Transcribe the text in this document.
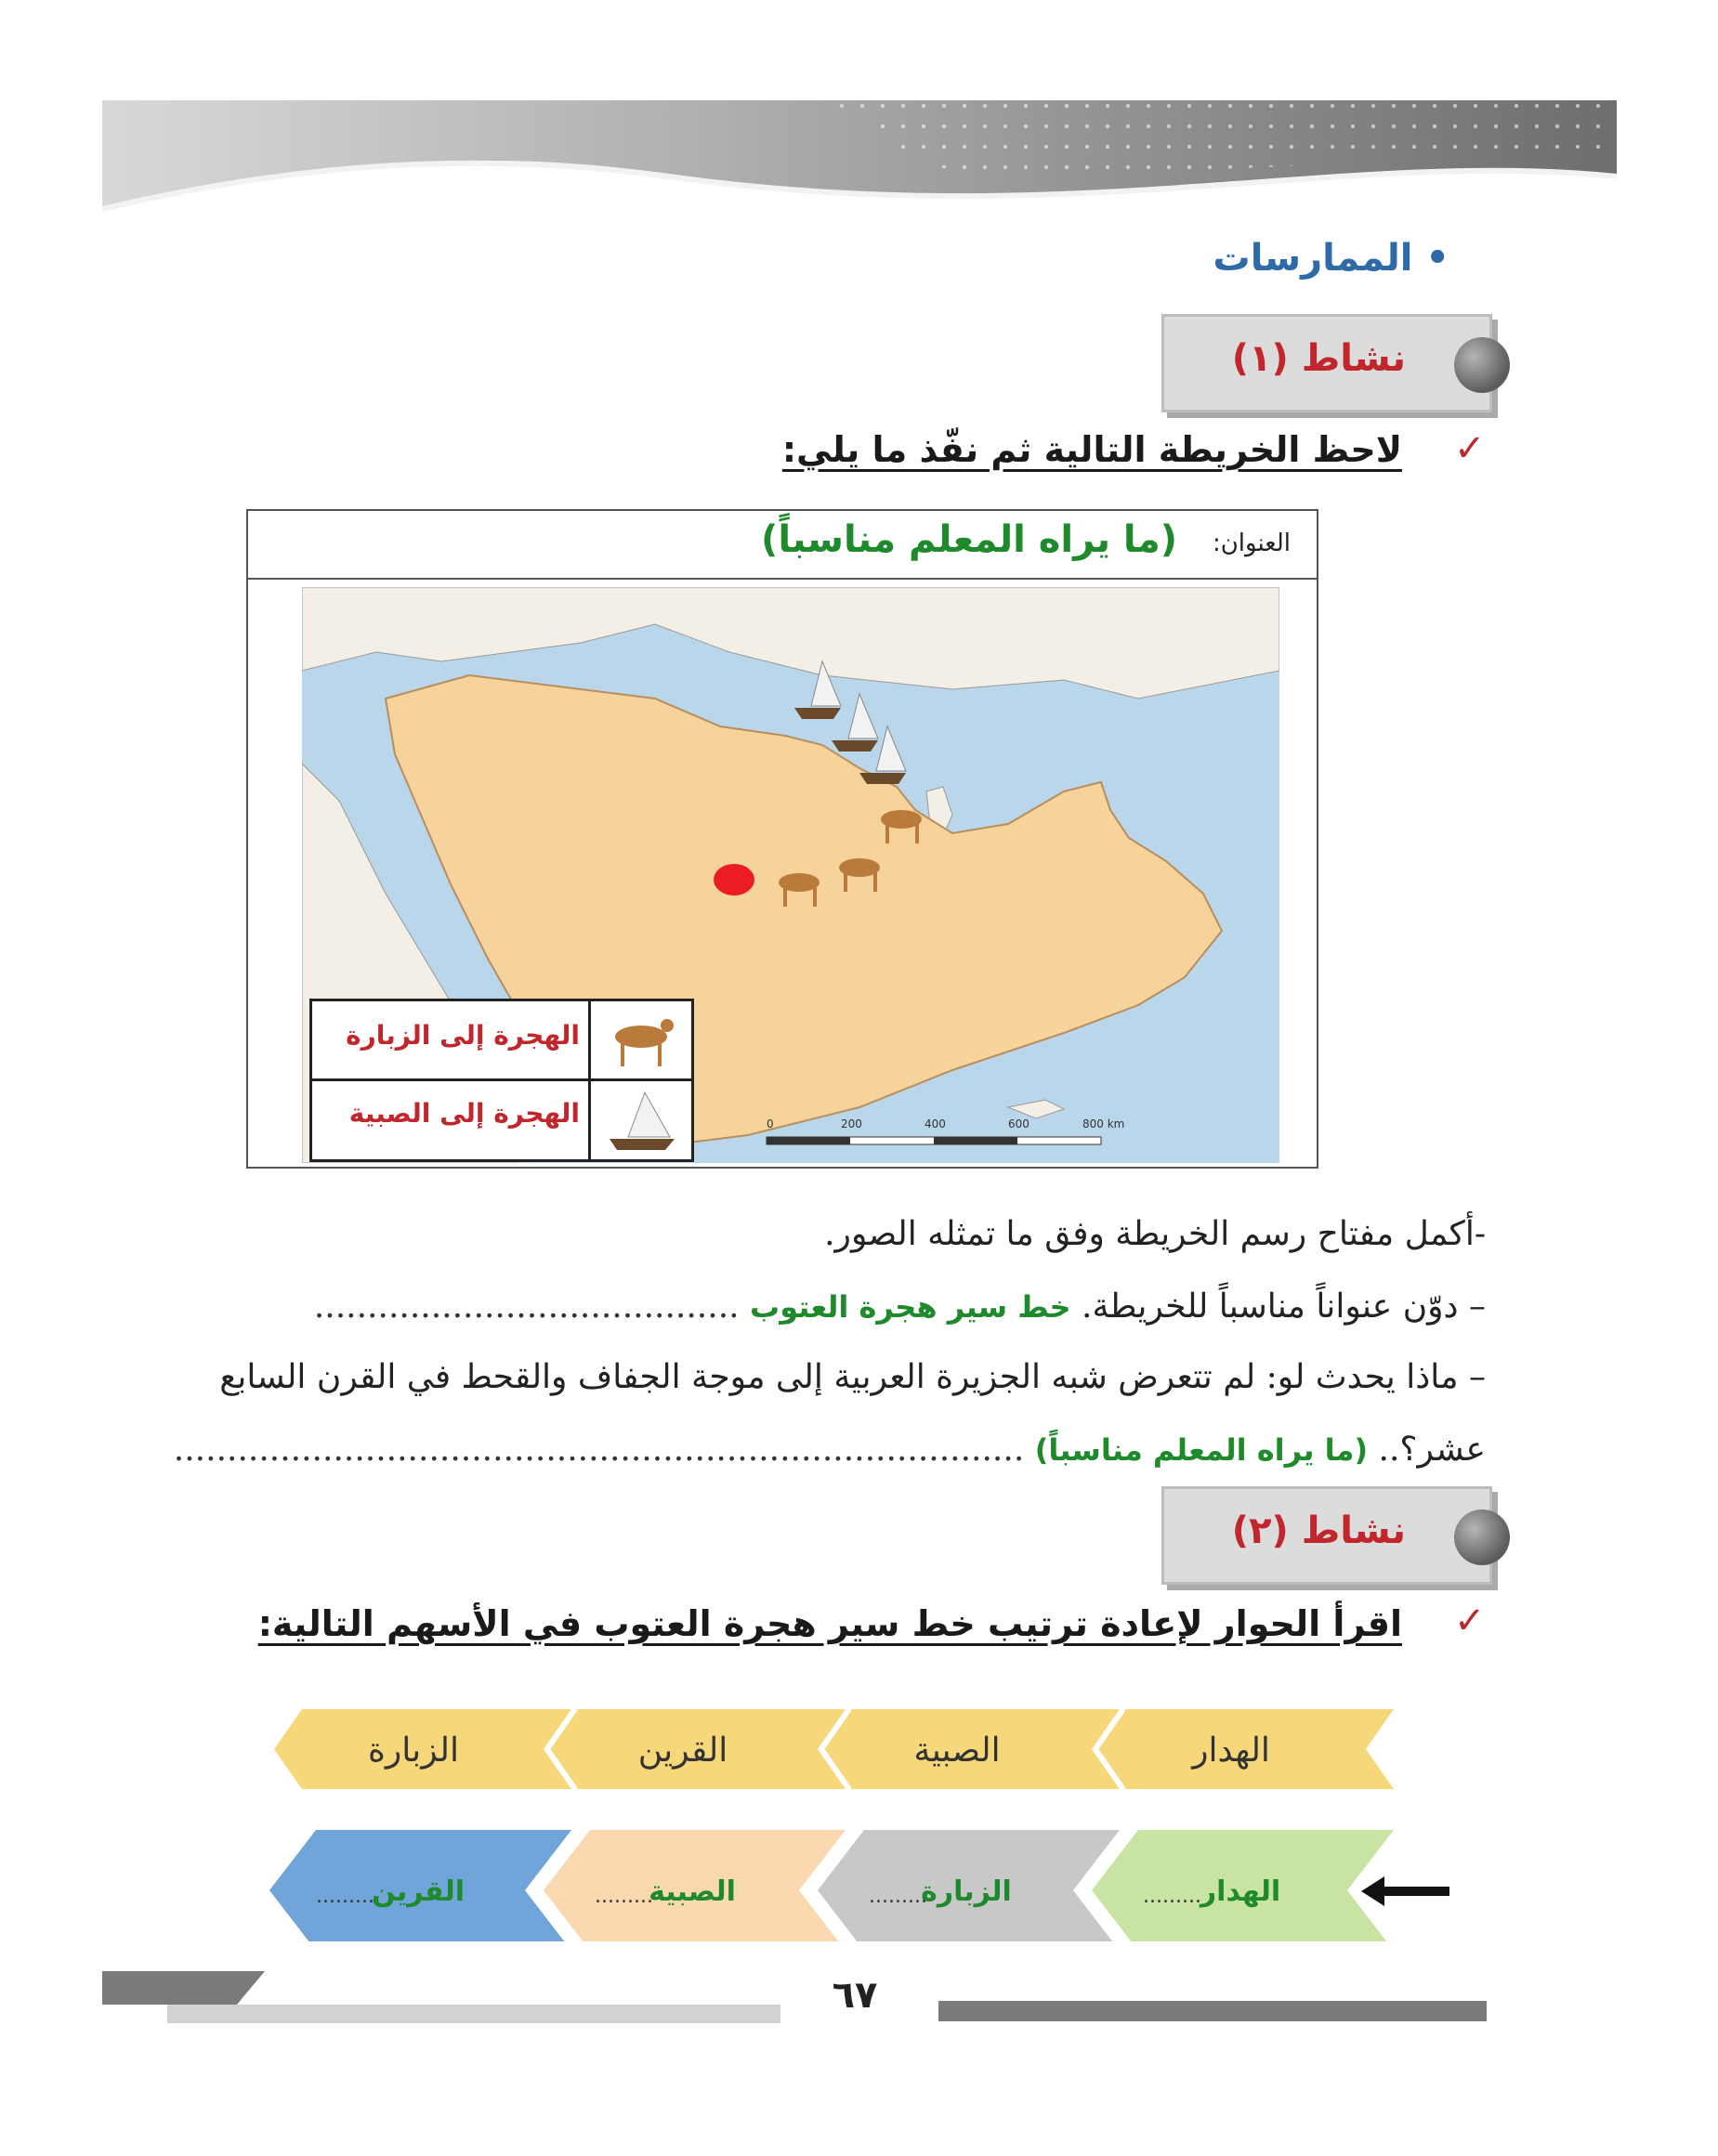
• الممارسات
نشاط (١)
✓
لاحظ الخريطة التالية ثم نفّذ ما يلي:
العنوان:
(ما يراه المعلم مناسباً)
0	200	400	600	800 km
الهجرة إلى الزبارة
الهجرة إلى الصبية
-أكمل مفتاح رسم الخريطة وفق ما تمثله الصور.
– دوّن عنواناً مناسباً للخريطة. خط سير هجرة العتوب ........................................
– ماذا يحدث لو: لم تتعرض شبه الجزيرة العربية إلى موجة الجفاف والقحط في القرن السابع
عشر؟.. (ما يراه المعلم مناسباً) ................................................................................
نشاط (٢)
✓
اقرأ الحوار لإعادة ترتيب خط سير هجرة العتوب في الأسهم التالية:
الهدار
الصبية
القرين
الزبارة
الهدار
الزبارة
الصبية
القرين	.........
.........
.........
.........
٦٧
